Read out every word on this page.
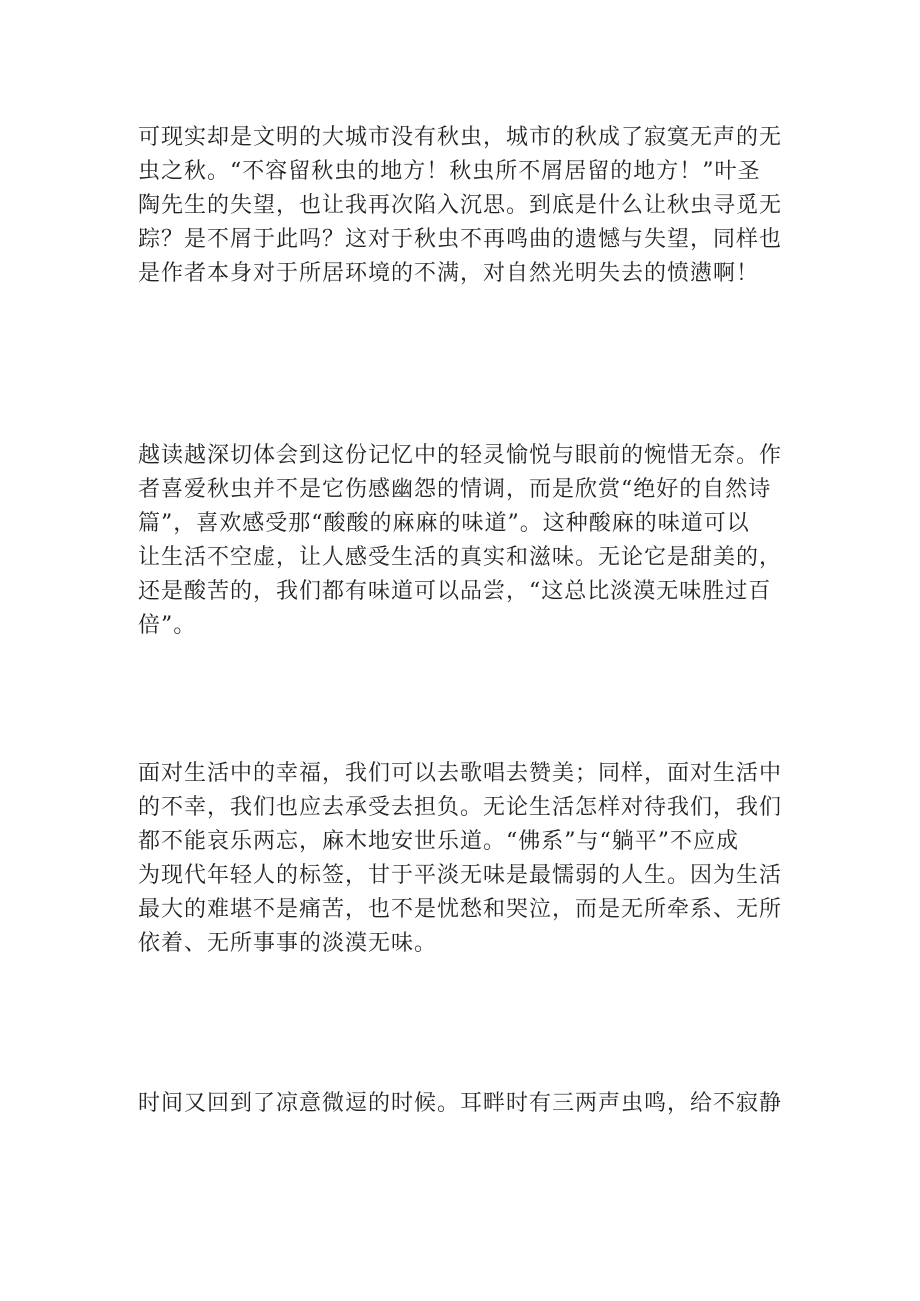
可现实却是文明的大城市没有秋虫，城市的秋成了寂寞无声的无
虫之秋。“不容留秋虫的地方！秋虫所不屑居留的地方！”叶圣
陶先生的失望，也让我再次陷入沉思。到底是什么让秋虫寻觅无
踪？是不屑于此吗？这对于秋虫不再鸣曲的遗憾与失望，同样也
是作者本身对于所居环境的不满，对自然光明失去的愤懑啊！

越读越深切体会到这份记忆中的轻灵愉悦与眼前的惋惜无奈。作
者喜爱秋虫并不是它伤感幽怨的情调，而是欣赏“绝好的自然诗
篇”，喜欢感受那“酸酸的麻麻的味道”。这种酸麻的味道可以
让生活不空虚，让人感受生活的真实和滋味。无论它是甜美的，
还是酸苦的，我们都有味道可以品尝，“这总比淡漠无味胜过百
倍”。

面对生活中的幸福，我们可以去歌唱去赞美；同样，面对生活中
的不幸，我们也应去承受去担负。无论生活怎样对待我们，我们
都不能哀乐两忘，麻木地安世乐道。“佛系”与“躺平”不应成
为现代年轻人的标签，甘于平淡无味是最懦弱的人生。因为生活
最大的难堪不是痛苦，也不是忧愁和哭泣，而是无所牵系、无所
依着、无所事事的淡漠无味。

时间又回到了凉意微逗的时候。耳畔时有三两声虫鸣，给不寂静
